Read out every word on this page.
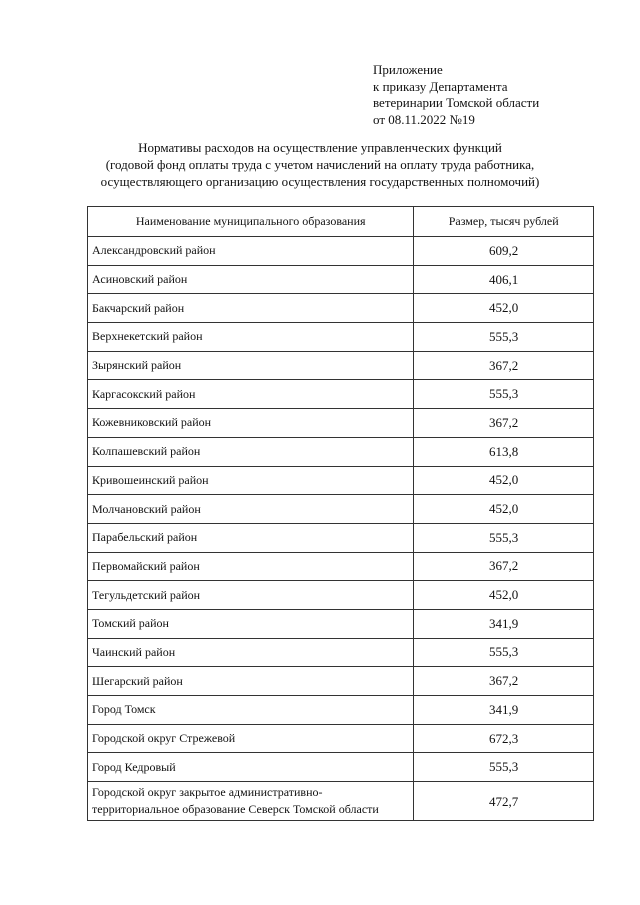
Приложение
к приказу Департамента
ветеринарии Томской области
от 08.11.2022 №19
Нормативы расходов на осуществление управленческих функций
(годовой фонд оплаты труда с учетом начислений на оплату труда работника,
осуществляющего организацию осуществления государственных полномочий)
Наименование муниципального образования	Размер, тысяч рублей
Александровский район	609,2
Асиновский район	406,1
Бакчарский район	452,0
Верхнекетский район	555,3
Зырянский район	367,2
Каргасокский район	555,3
Кожевниковский район	367,2
Колпашевский район	613,8
Кривошеинский район	452,0
Молчановский район	452,0
Парабельский район	555,3
Первомайский район	367,2
Тегульдетский район	452,0
Томский район	341,9
Чаинский район	555,3
Шегарский район	367,2
Город Томск	341,9
Городской округ Стрежевой	672,3
Город Кедровый	555,3

Городской округ закрытое административно-
территориальное образование Северск Томской области	472,7
